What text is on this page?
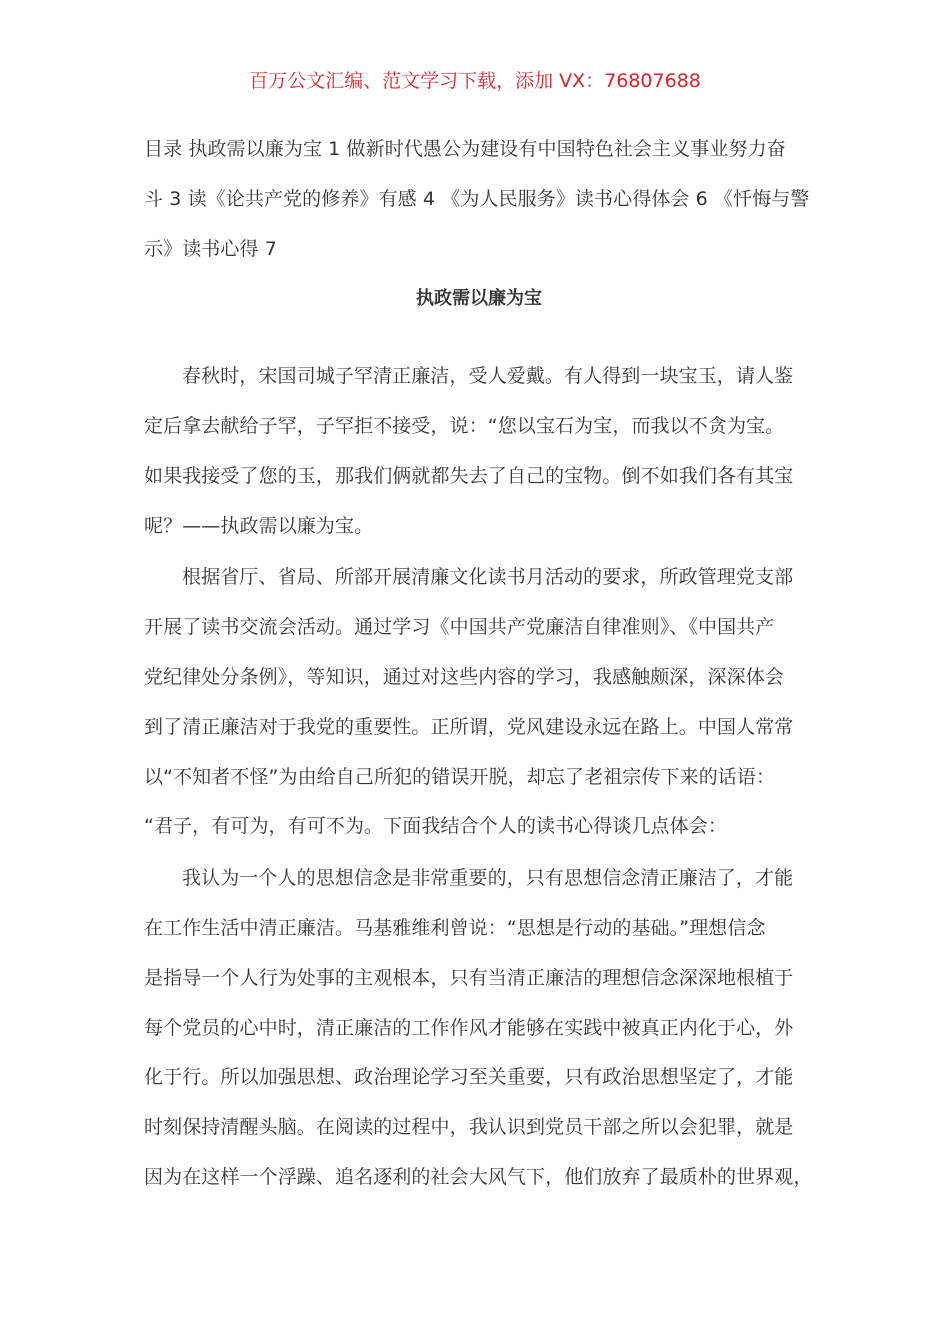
百万公文汇编、范文学习下载，添加 VX：76807688
目录 执政需以廉为宝 1 做新时代愚公为建设有中国特色社会主义事业努力奋
斗 3 读《论共产党的修养》有感 4 《为人民服务》读书心得体会 6 《忏悔与警
示》读书心得 7
执政需以廉为宝
春秋时，宋国司城子罕清正廉洁，受人爱戴。有人得到一块宝玉，请人鉴
定后拿去献给子罕，子罕拒不接受，说：“您以宝石为宝，而我以不贪为宝。
如果我接受了您的玉，那我们俩就都失去了自己的宝物。倒不如我们各有其宝
呢？——执政需以廉为宝。
根据省厅、省局、所部开展清廉文化读书月活动的要求，所政管理党支部
开展了读书交流会活动。通过学习《中国共产党廉洁自律准则》、《中国共产
党纪律处分条例》，等知识，通过对这些内容的学习，我感触颇深，深深体会
到了清正廉洁对于我党的重要性。正所谓，党风建设永远在路上。中国人常常
以“不知者不怪”为由给自己所犯的错误开脱，却忘了老祖宗传下来的话语：
“君子，有可为，有可不为。下面我结合个人的读书心得谈几点体会：
我认为一个人的思想信念是非常重要的，只有思想信念清正廉洁了，才能
在工作生活中清正廉洁。马基雅维利曾说：“思想是行动的基础。”理想信念
是指导一个人行为处事的主观根本，只有当清正廉洁的理想信念深深地根植于
每个党员的心中时，清正廉洁的工作作风才能够在实践中被真正内化于心，外
化于行。所以加强思想、政治理论学习至关重要，只有政治思想坚定了，才能
时刻保持清醒头脑。在阅读的过程中，我认识到党员干部之所以会犯罪，就是
因为在这样一个浮躁、追名逐利的社会大风气下，他们放弃了最质朴的世界观，
